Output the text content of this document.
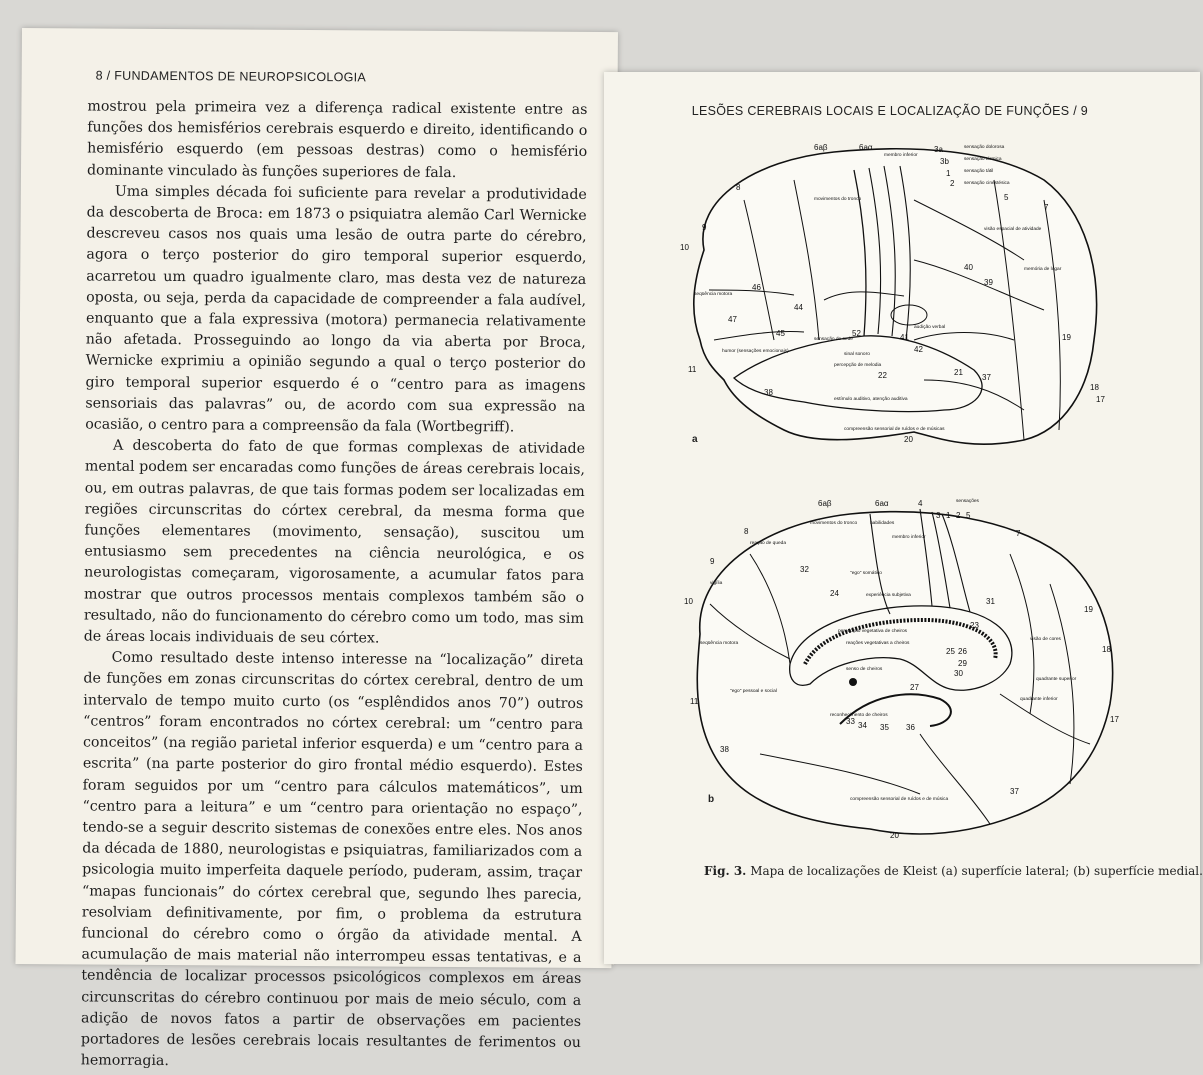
8 / FUNDAMENTOS DE NEUROPSICOLOGIA

mostrou pela primeira vez a diferença radical existente entre as funções dos hemisférios cerebrais esquerdo e direito, identificando o hemisfério esquerdo (em pessoas destras) como o hemisfério dominante vinculado às funções superiores de fala.

Uma simples década foi suficiente para revelar a produtividade da descoberta de Broca: em 1873 o psiquiatra alemão Carl Wernicke descreveu casos nos quais uma lesão de outra parte do cérebro, agora o terço posterior do giro temporal superior esquerdo, acarretou um quadro igualmente claro, mas desta vez de natureza oposta, ou seja, perda da capacidade de compreender a fala audível, enquanto que a fala expressiva (motora) permanecia relativamente não afetada. Prosseguindo ao longo da via aberta por Broca, Wernicke exprimiu a opinião segundo a qual o terço posterior do giro temporal superior esquerdo é o “centro para as imagens sensoriais das palavras” ou, de acordo com sua expressão na ocasião, o centro para a compreensão da fala (Wortbegriff).

A descoberta do fato de que formas complexas de atividade mental podem ser encaradas como funções de áreas cerebrais locais, ou, em outras palavras, de que tais formas podem ser localizadas em regiões circunscritas do córtex cerebral, da mesma forma que funções elementares (movimento, sensação), suscitou um entusiasmo sem precedentes na ciência neurológica, e os neurologistas começaram, vigorosamente, a acumular fatos para mostrar que outros processos mentais complexos também são o resultado, não do funcionamento do cérebro como um todo, mas sim de áreas locais individuais de seu córtex.

Como resultado deste intenso interesse na “localização” direta de funções em zonas circunscritas do córtex cerebral, dentro de um intervalo de tempo muito curto (os “esplêndidos anos 70”) outros “centros” foram encontrados no córtex cerebral: um “centro para conceitos” (na região parietal inferior esquerda) e um “centro para a escrita” (na parte posterior do giro frontal médio esquerdo). Estes foram seguidos por um “centro para cálculos matemáticos”, um “centro para a leitura” e um “centro para orientação no espaço”, tendo-se a seguir descrito sistemas de conexões entre eles. Nos anos da década de 1880, neurologistas e psiquiatras, familiarizados com a psicologia muito imperfeita daquele período, puderam, assim, traçar “mapas funcionais” do córtex cerebral que, segundo lhes parecia, resolviam definitivamente, por fim, o problema da estrutura funcional do cérebro como o órgão da atividade mental. A acumulação de mais material não interrompeu essas tentativas, e a tendência de localizar processos psicológicos complexos em áreas circunscritas do cérebro continuou por mais de meio século, com a adição de novos fatos a partir de observações em pacientes portadores de lesões cerebrais locais resultantes de ferimentos ou hemorragia.

LESÕES CEREBRAIS LOCAIS E LOCALIZAÇÃO DE FUNÇÕES / 9
6aβ	6aα	3a
3b
1
2
5
7
8
9
10
11
40
39
19
18
17
46
47
44
45
22	21
37
38
20
41
42
52
sensação dolorosa
sensação térmica
sensação tátil
sensação cinestésica
membro inferior
movimentos do tronco
visão espacial de atividade
memória de lugar
seqüência motora
humor (sensações emocionais)
compreensão sensorial de ruídos e de músicas
sensação de sede
audição verbal
sinal sonoro
percepção de melodia
estímulo auditivo, atenção auditiva
a
6aβ	6aα	4
3 1 2 5
7
8
9
10
11
32
24
31
23
25 26
29
30
27
33 34 35 36
38
19
18
17
37
20
movimentos do tronco	habilidades
membro inferior
reação de queda
vigília
sensações
"ego" somático
experiência subjetiva
percepção vegetativa de cheiros
reações vegetativas a cheiros
senso de cheiros
"ego" pessoal e social
reconhecimento de cheiros
compreensão sensorial de ruídos e de música
seqüência motora
quadrante superior
quadrante inferior
visão de cores
b
Fig. 3. Mapa de localizações de Kleist (a) superfície lateral; (b) superfície medial.
